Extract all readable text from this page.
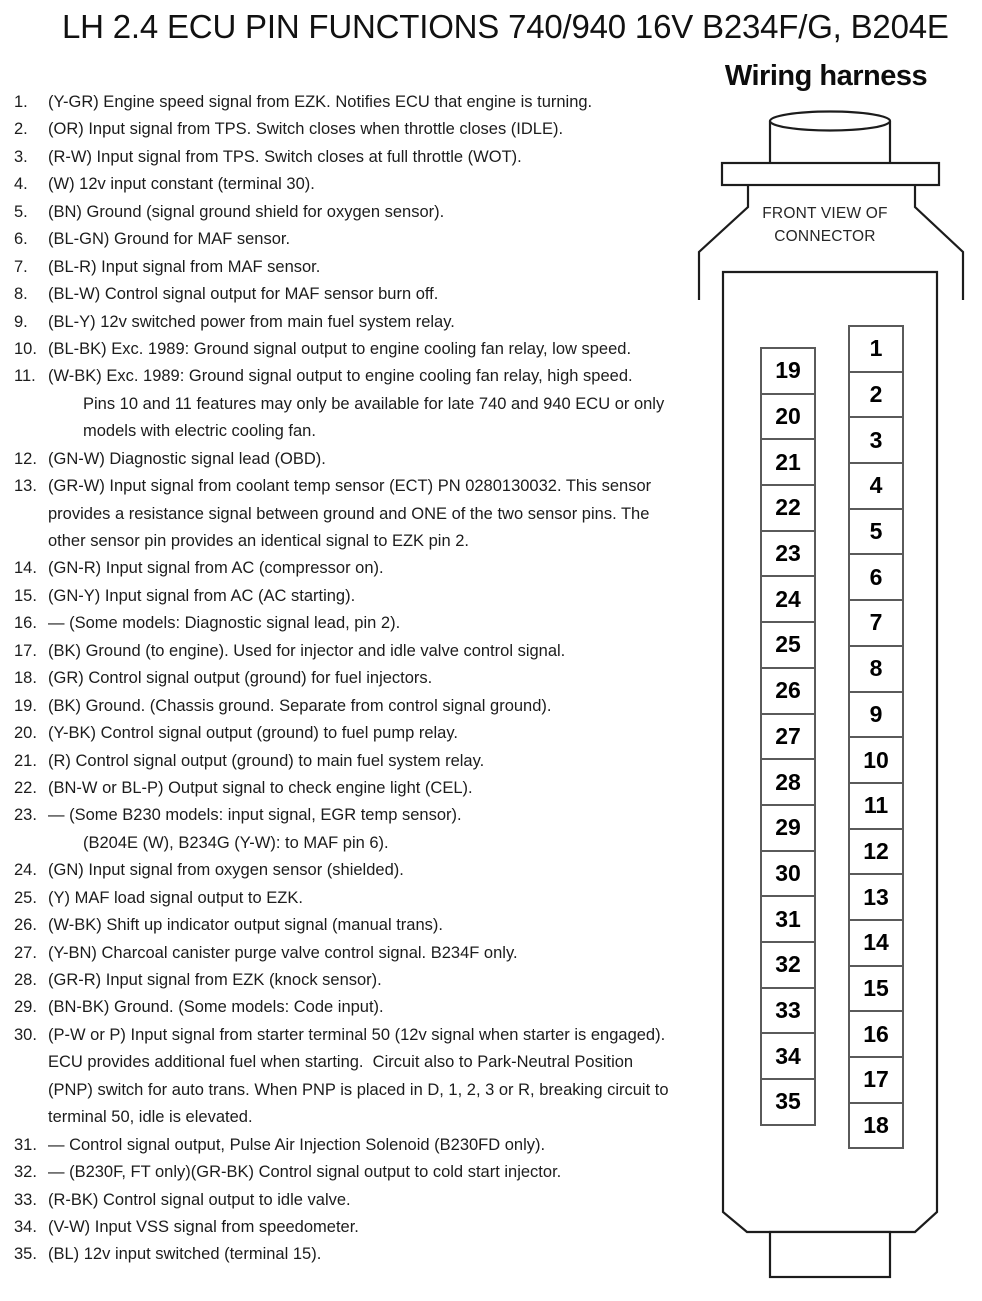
LH 2.4 ECU PIN FUNCTIONS 740/940 16V B234F/G, B204E
1. (Y-GR) Engine speed signal from EZK. Notifies ECU that engine is turning.
2. (OR) Input signal from TPS. Switch closes when throttle closes (IDLE).
3. (R-W) Input signal from TPS. Switch closes at full throttle (WOT).
4. (W) 12v input constant (terminal 30).
5. (BN) Ground (signal ground shield for oxygen sensor).
6. (BL-GN) Ground for MAF sensor.
7. (BL-R) Input signal from MAF sensor.
8. (BL-W) Control signal output for MAF sensor burn off.
9. (BL-Y) 12v switched power from main fuel system relay.
10. (BL-BK) Exc. 1989: Ground signal output to engine cooling fan relay, low speed.
11. (W-BK) Exc. 1989: Ground signal output to engine cooling fan relay, high speed.
Pins 10 and 11 features may only be available for late 740 and 940 ECU or only
models with electric cooling fan.
12. (GN-W) Diagnostic signal lead (OBD).
13. (GR-W) Input signal from coolant temp sensor (ECT) PN 0280130032. This sensor
provides a resistance signal between ground and ONE of the two sensor pins. The
other sensor pin provides an identical signal to EZK pin 2.
14. (GN-R) Input signal from AC (compressor on).
15. (GN-Y) Input signal from AC (AC starting).
16. — (Some models: Diagnostic signal lead, pin 2).
17. (BK) Ground (to engine). Used for injector and idle valve control signal.
18. (GR) Control signal output (ground) for fuel injectors.
19. (BK) Ground. (Chassis ground. Separate from control signal ground).
20. (Y-BK) Control signal output (ground) to fuel pump relay.
21. (R) Control signal output (ground) to main fuel system relay.
22. (BN-W or BL-P) Output signal to check engine light (CEL).
23. — (Some B230 models: input signal, EGR temp sensor).
(B204E (W), B234G (Y-W): to MAF pin 6).
24. (GN) Input signal from oxygen sensor (shielded).
25. (Y) MAF load signal output to EZK.
26. (W-BK) Shift up indicator output signal (manual trans).
27. (Y-BN) Charcoal canister purge valve control signal. B234F only.
28. (GR-R) Input signal from EZK (knock sensor).
29. (BN-BK) Ground. (Some models: Code input).
30. (P-W or P) Input signal from starter terminal 50 (12v signal when starter is engaged).
ECU provides additional fuel when starting.  Circuit also to Park-Neutral Position
(PNP) switch for auto trans. When PNP is placed in D, 1, 2, 3 or R, breaking circuit to
terminal 50, idle is elevated.
31. — Control signal output, Pulse Air Injection Solenoid (B230FD only).
32. — (B230F, FT only)(GR-BK) Control signal output to cold start injector.
33. (R-BK) Control signal output to idle valve.
34. (V-W) Input VSS signal from speedometer.
35. (BL) 12v input switched (terminal 15).
Wiring harness
FRONT VIEW OF
CONNECTOR
19
20
21
22
23
24
25
26
27
28
29
30
31
32
33
34
35
1
2
3
4
5
6
7
8
9
10
11
12
13
14
15
16
17
18
